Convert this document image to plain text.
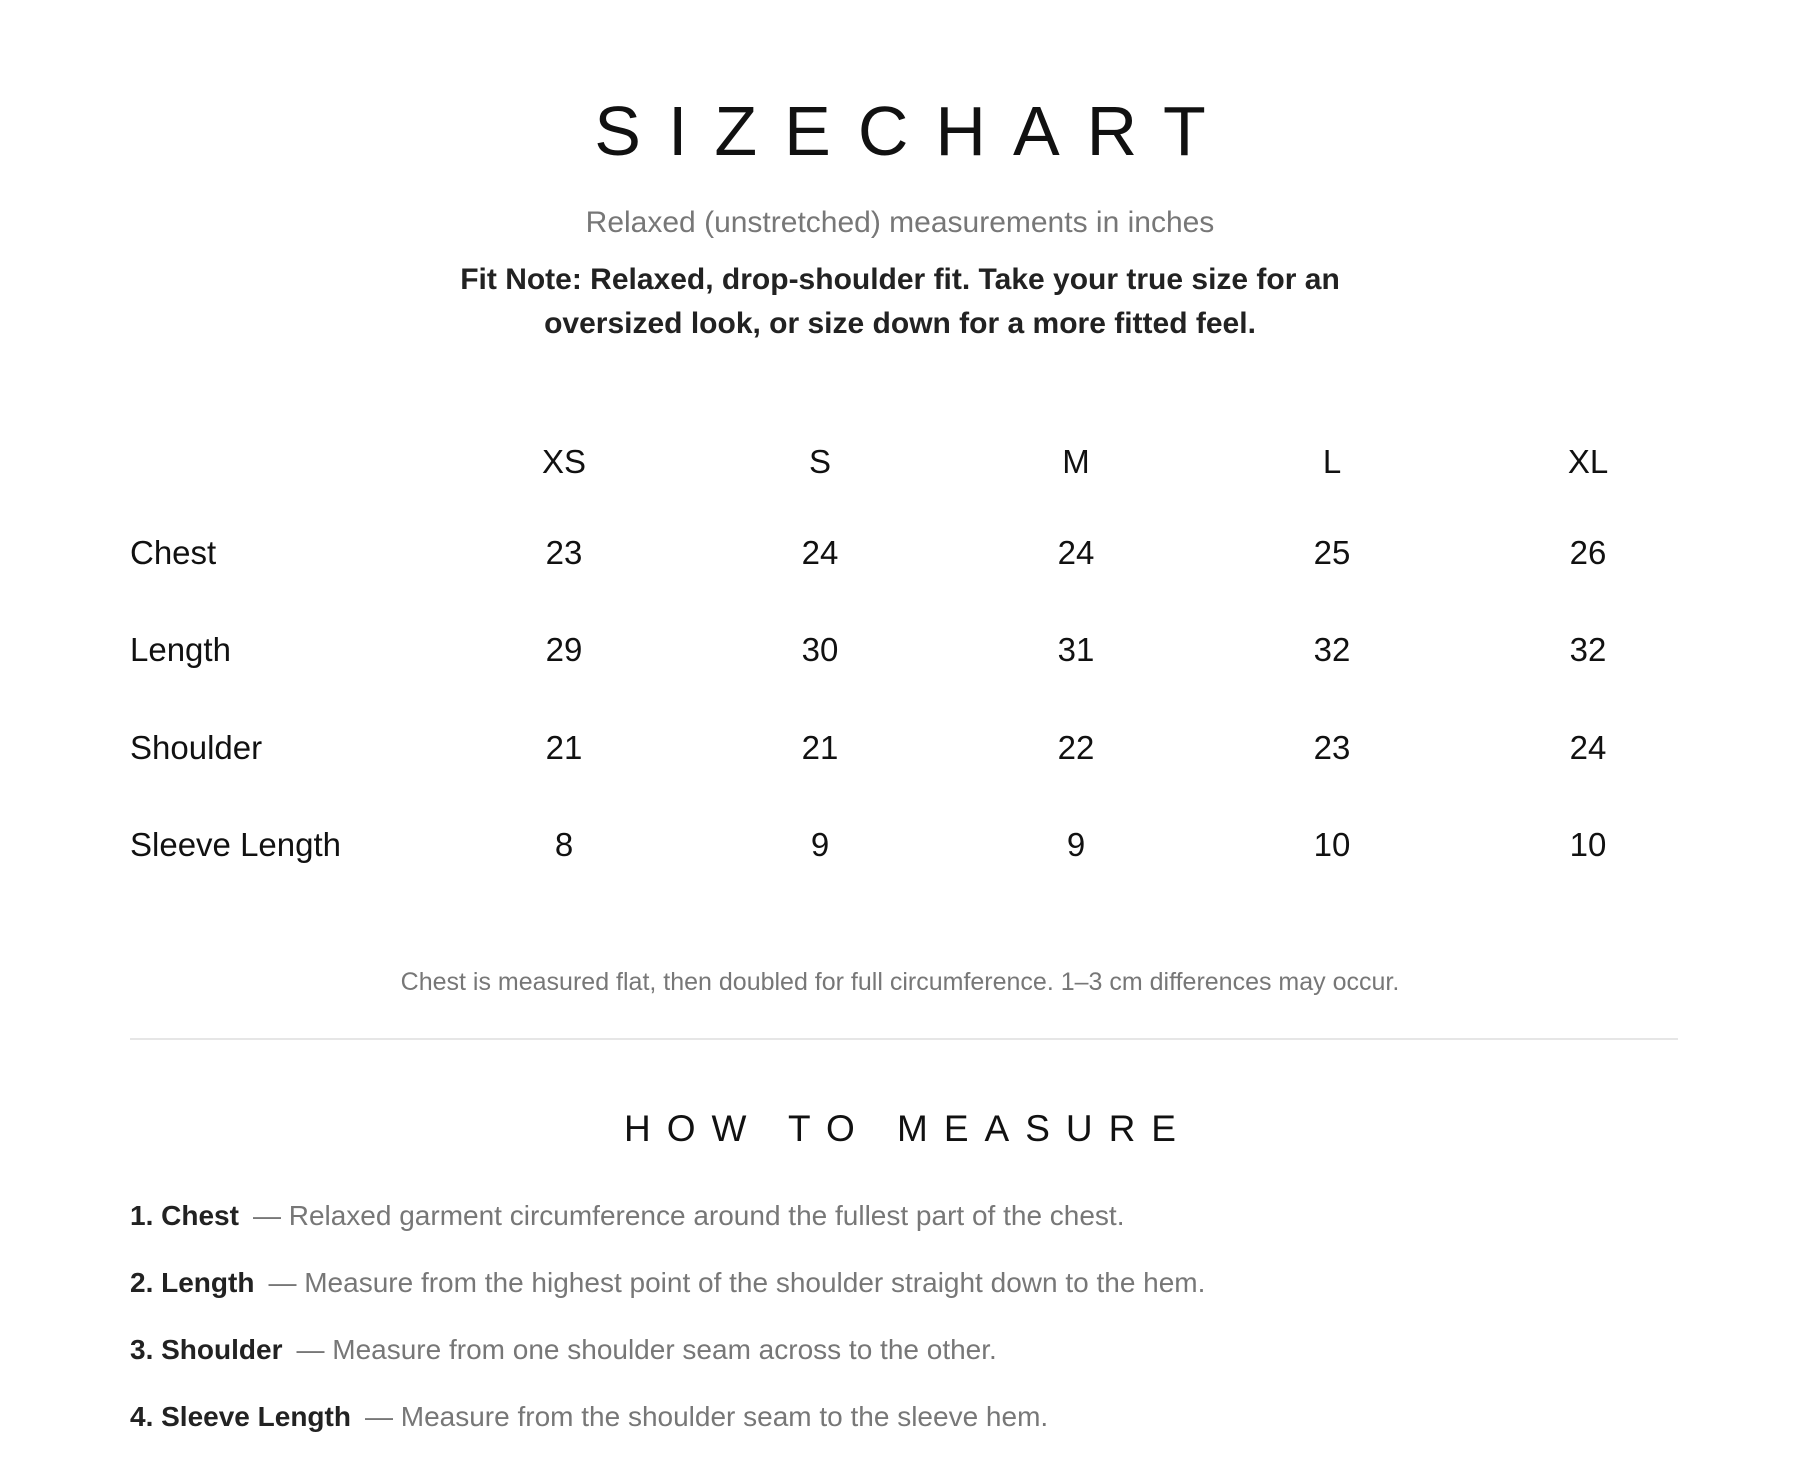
SIZECHART

Relaxed (unstretched) measurements in inches

Fit Note: Relaxed, drop-shoulder fit. Take your true size for an oversized look, or size down for a more fitted feel.

	XS	S	M	L	XL
Chest	23	24	24	25	26
Length	29	30	31	32	32
Shoulder	21	21	22	23	24
Sleeve Length	8	9	9	10	10

Chest is measured flat, then doubled for full circumference. 1–3 cm differences may occur.

HOW TO MEASURE
1. Chest — Relaxed garment circumference around the fullest part of the chest.
2. Length — Measure from the highest point of the shoulder straight down to the hem.
3. Shoulder — Measure from one shoulder seam across to the other.
4. Sleeve Length — Measure from the shoulder seam to the sleeve hem.
